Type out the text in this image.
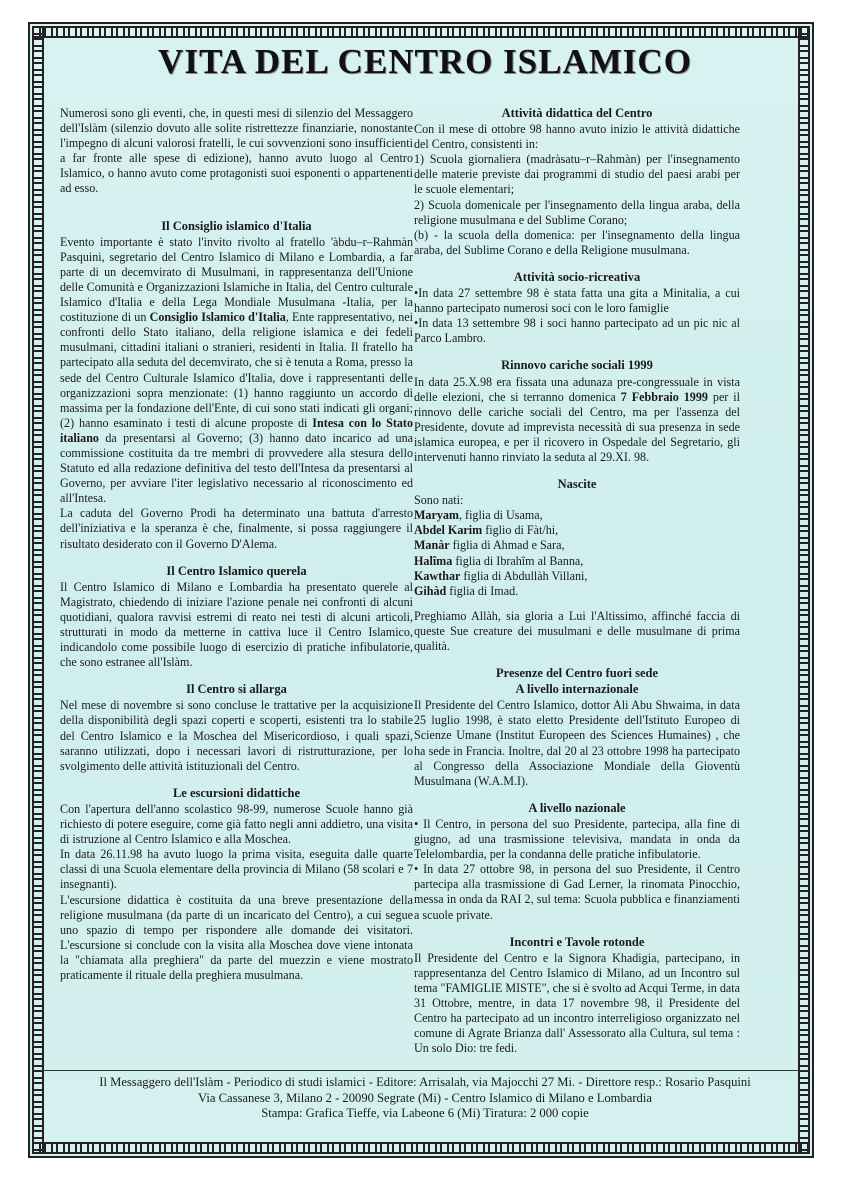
VITA DEL CENTRO ISLAMICO

Numerosi sono gli eventi, che, in questi mesi di silenzio del Messaggero dell'Islàm (silenzio dovuto alle solite ristrettezze finanziarie, nonostante l'impegno di alcuni valorosi fratelli, le cui sovvenzioni sono insufficienti a far fronte alle spese di edizione), hanno avuto luogo al Centro Islamico, o hanno avuto come protagonisti suoi esponenti o appartenenti ad esso.

Il Consiglio islamico d'Italia

Evento importante è stato l'invito rivolto al fratello 'àbdu–r–Rahmàn Pasquini, segretario del Centro Islamico di Milano e Lombardia, a far parte di un decemvirato di Musulmani, in rappresentanza dell'Unione delle Comunità e Organizzazioni Islamiche in Italia, del Centro culturale Islamico d'Italia e della Lega Mondiale Musulmana -Italia, per la costituzione di un Consiglio Islamico d'Italia, Ente rappresentativo, nei confronti dello Stato italiano, della religione islamica e dei fedeli musulmani, cittadini italiani o stranieri, residenti in Italia. Il fratello ha partecipato alla seduta del decemvirato, che si è tenuta a Roma, presso la sede del Centro Culturale Islamico d'Italia, dove i rappresentanti delle organizzazioni sopra menzionate: (1) hanno raggiunto un accordo di massima per la fondazione dell'Ente, di cui sono stati indicati gli organi; (2) hanno esaminato i testi di alcune proposte di Intesa con lo Stato italiano da presentarsi al Governo; (3) hanno dato incarico ad una commissione costituita da tre membri di provvedere alla stesura dello Statuto ed alla redazione definitiva del testo dell'Intesa da presentarsi al Governo, per avviare l'iter legislativo necessario al riconoscimento ed all'Intesa.

La caduta del Governo Prodi ha determinato una battuta d'arresto dell'iniziativa e la speranza è che, finalmente, si possa raggiungere il risultato desiderato con il Governo D'Alema.

Il Centro Islamico querela

Il Centro Islamico di Milano e Lombardia ha presentato querele al Magistrato, chiedendo di iniziare l'azione penale nei confronti di alcuni quotidiani, qualora ravvisi estremi di reato nei testi di alcuni articoli, strutturati in modo da metterne in cattiva luce il Centro Islamico, indicandolo come possibile luogo di esercizio di pratiche infibulatorie, che sono estranee all'Islàm.

Il Centro si allarga

Nel mese di novembre si sono concluse le trattative per la acquisizione della disponibilità degli spazi coperti e scoperti, esistenti tra lo stabile del Centro Islamico e la Moschea del Misericordioso, i quali spazi, saranno utilizzati, dopo i necessari lavori di ristrutturazione, per lo svolgimento delle attività istituzionali del Centro.

Le escursioni didattiche

Con l'apertura dell'anno scolastico 98-99, numerose Scuole hanno già richiesto di potere eseguire, come già fatto negli anni addietro, una visita di istruzione al Centro Islamico e alla Moschea.

In data 26.11.98 ha avuto luogo la prima visita, eseguita dalle quarte classi di una Scuola elementare della provincia di Milano (58 scolari e 7 insegnanti).

L'escursione didattica è costituita da una breve presentazione della religione musulmana (da parte di un incaricato del Centro), a cui segue uno spazio di tempo per rispondere alle domande dei visitatori. L'escursione si conclude con la visita alla Moschea dove viene intonata la "chiamata alla preghiera" da parte del muezzin e viene mostrato praticamente il rituale della preghiera musulmana.

Attività didattica del Centro

Con il mese di ottobre 98 hanno avuto inizio le attività didattiche del Centro, consistenti in:

1) Scuola giornaliera (madràsatu–r–Rahmàn) per l'insegnamento delle materie previste dai programmi di studio del paesi arabi per le scuole elementari;

2) Scuola domenicale per l'insegnamento della lingua araba, della religione musulmana e del Sublime Corano;

(b) - la scuola della domenica: per l'insegnamento della lingua araba, del Sublime Corano e della Religione musulmana.

Attività socio-ricreativa

•In data 27 settembre 98 è stata fatta una gita a Minitalia, a cui hanno partecipato numerosi soci con le loro famiglie

•In data 13 settembre 98 i soci hanno partecipato ad un pic nic al Parco Lambro.

Rinnovo cariche sociali 1999

In data 25.X.98 era fissata una adunaza pre-congressuale in vista delle elezioni, che si terranno domenica 7 Febbraio 1999 per il rinnovo delle cariche sociali del Centro, ma per l'assenza del Presidente, dovute ad imprevista necessità di sua presenza in sede islamica europea, e per il ricovero in Ospedale del Segretario, gli intervenuti hanno rinviato la seduta al 29.XI. 98.

Nascite

Sono nati:

Maryam, figlia di Usama,

Abdel Karim figlio di Fàt/hi,

Manàr figlia di Ahmad e Sara,

Halîma figlia di Ibrahîm al Banna,

Kawthar figlia di Abdullàh Villani,

Gihàd figlia di Imad.

Preghiamo Allàh, sia gloria a Lui l'Altissimo, affinché faccia di queste Sue creature dei musulmani e delle musulmane di prima qualità.

Presenze del Centro fuori sede
A livello internazionale

Il Presidente del Centro Islamico, dottor Ali Abu Shwaima, in data 25 luglio 1998, è stato eletto Presidente dell'Istituto Europeo di Scienze Umane (Institut Europeen des Sciences Humaines) , che ha sede in Francia. Inoltre, dal 20 al 23 ottobre 1998 ha partecipato al Congresso della Associazione Mondiale della Gioventù Musulmana (W.A.M.I).

A livello nazionale

• Il Centro, in persona del suo Presidente, partecipa, alla fine di giugno, ad una trasmissione televisiva, mandata in onda da Telelombardia, per la condanna delle pratiche infibulatorie.

• In data 27 ottobre 98, in persona del suo Presidente, il Centro partecipa alla trasmissione di Gad Lerner, la rinomata Pinocchio, messa in onda da RAI 2, sul tema: Scuola pubblica e finanziamenti a scuole private.

Incontri e Tavole rotonde

Il Presidente del Centro e la Signora Khadigia, partecipano, in rappresentanza del Centro Islamico di Milano, ad un Incontro sul tema "FAMIGLIE MISTE", che si è svolto ad Acqui Terme, in data 31 Ottobre, mentre, in data 17 novembre 98, il Presidente del Centro ha partecipato ad un incontro interreligioso organizzato nel comune di Agrate Brianza dall' Assessorato alla Cultura, sul tema : Un solo Dio: tre fedi.

Il Messaggero dell'Islàm - Periodico di studi islamici - Editore: Arrisalah, via Majocchi 27 Mi. - Direttore resp.: Rosario Pasquini
Via Cassanese 3, Milano 2 - 20090 Segrate (Mi) - Centro Islamico di Milano e Lombardia
Stampa: Grafica Tieffe, via Labeone 6 (Mi) Tiratura: 2 000 copie
